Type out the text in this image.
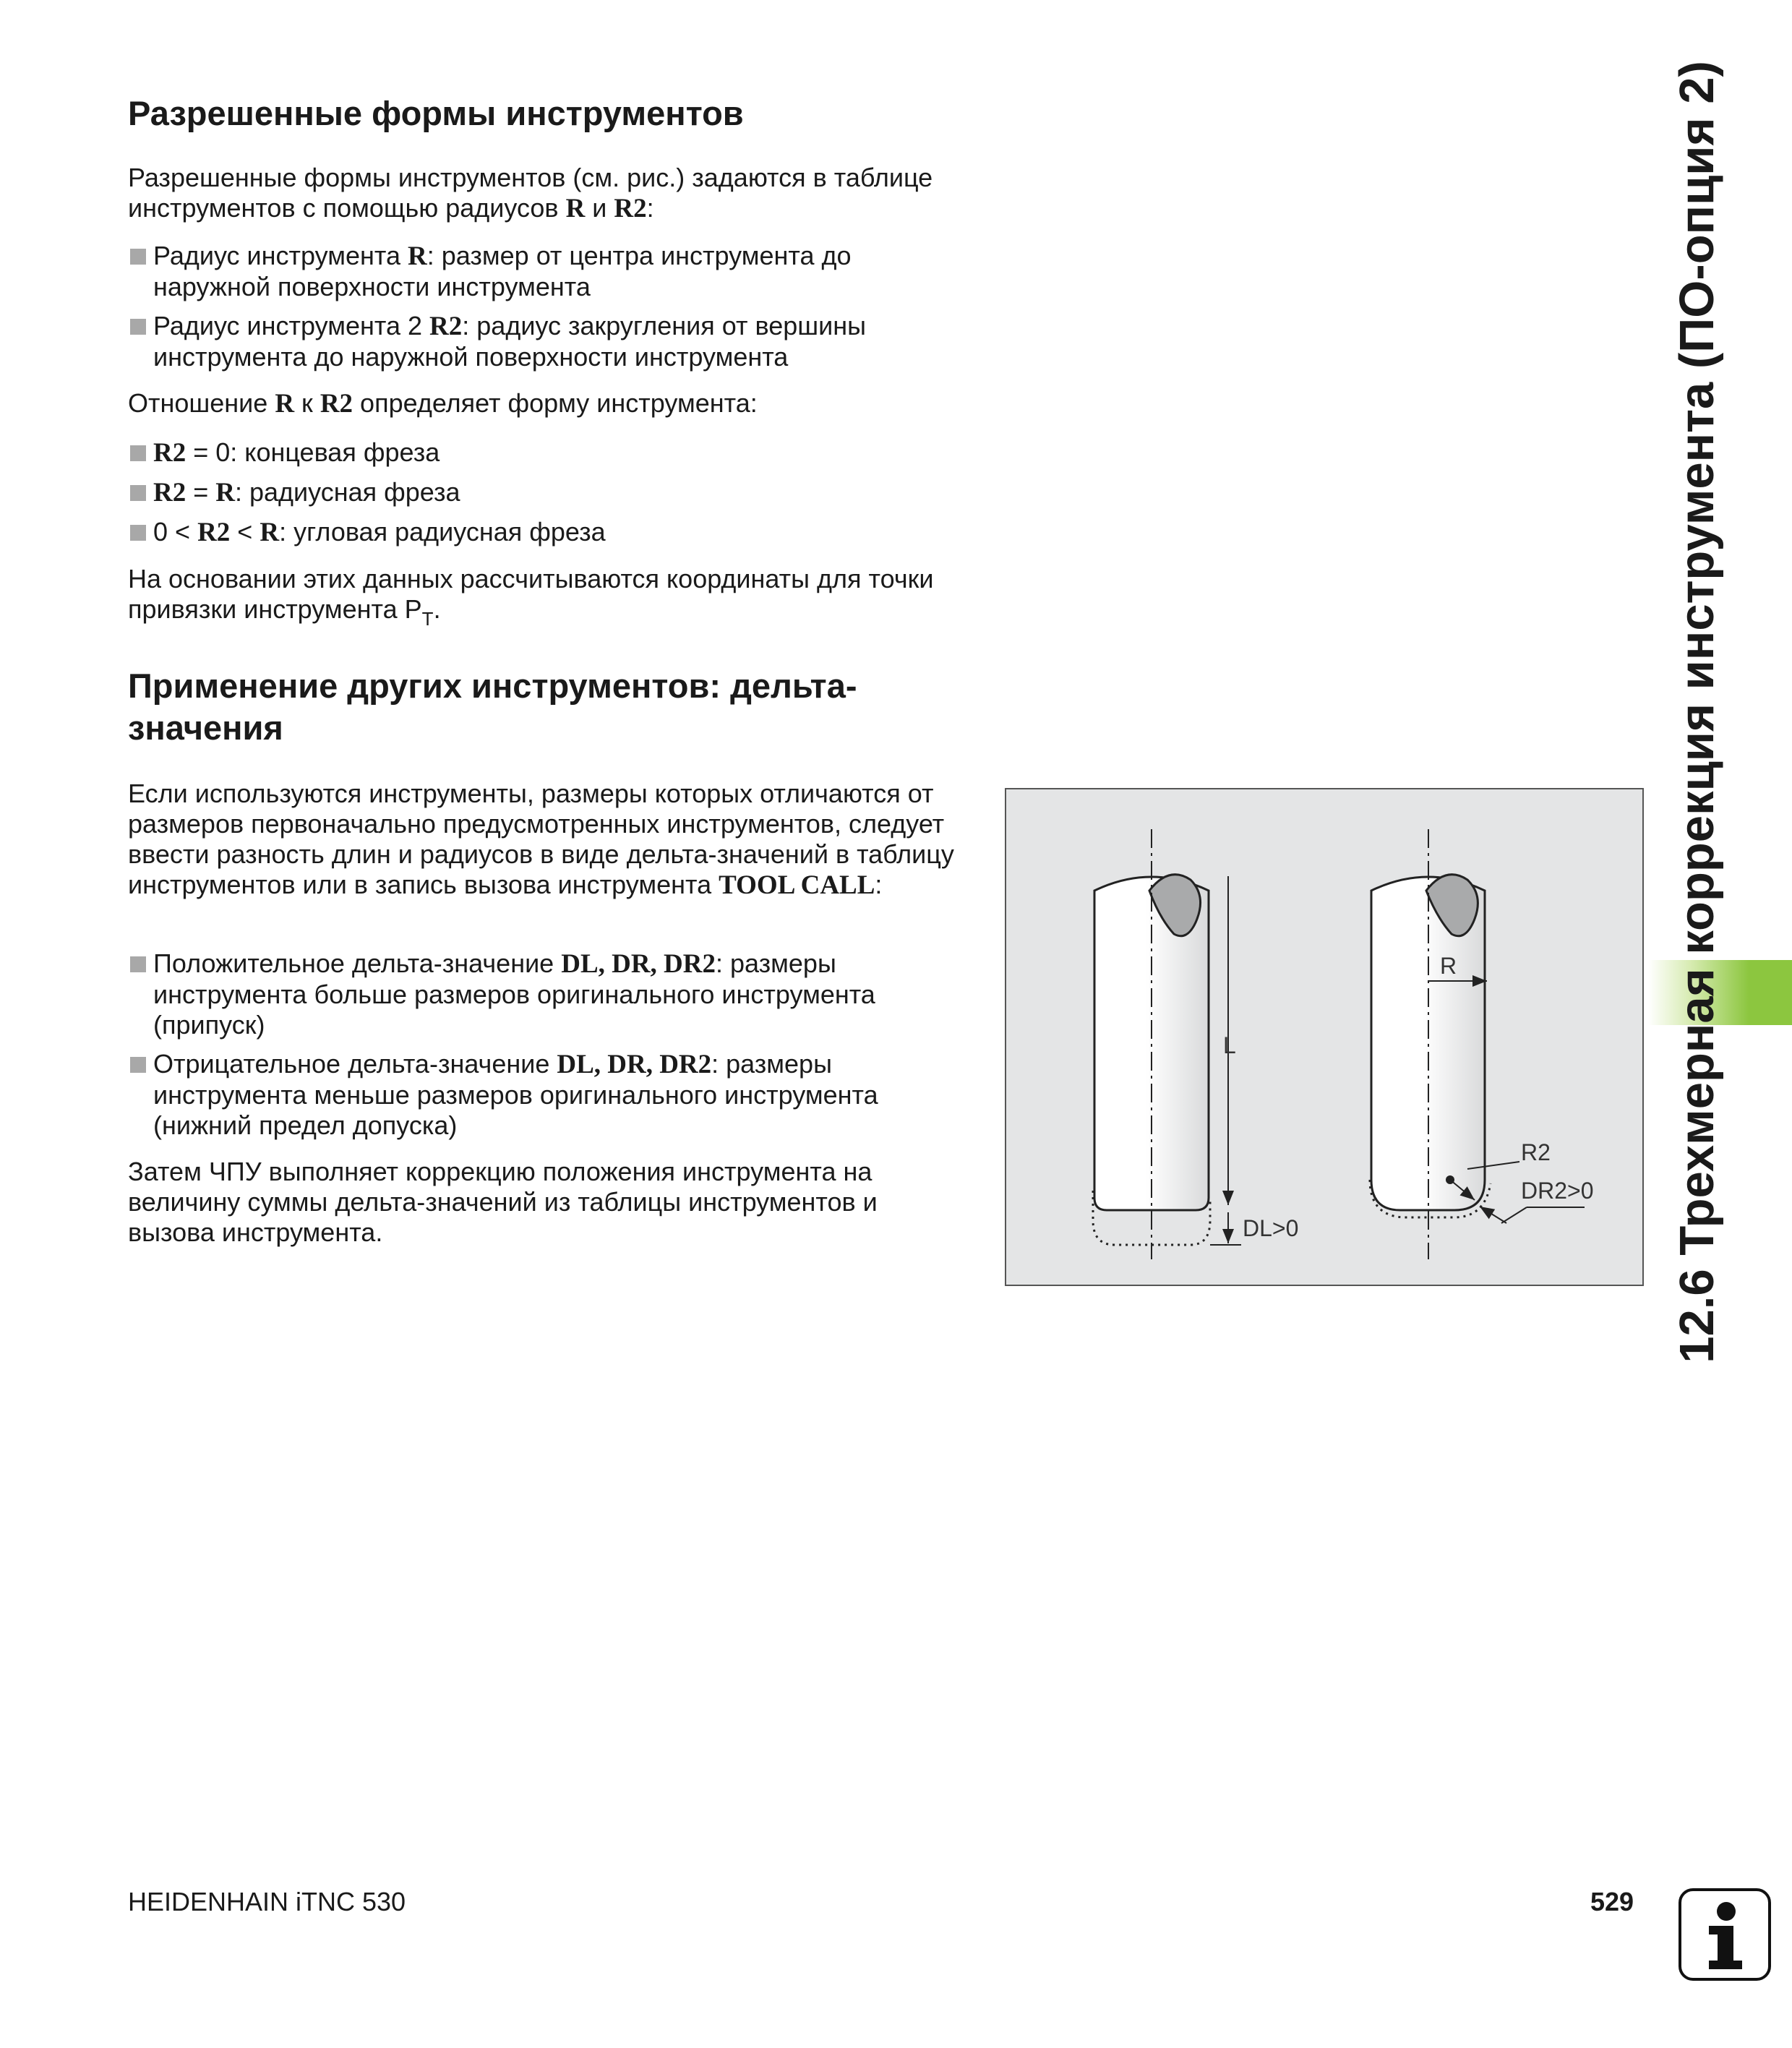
Разрешенные формы инструментов

Разрешенные формы инструментов (см. рис.) задаются в таблице инструментов с помощью радиусов R и R2:

Радиус инструмента R: размер от центра инструмента до наружной поверхности инструмента
Радиус инструмента 2 R2: радиус закругления от вершины инструмента до наружной поверхности инструмента

Отношение R к R2 определяет форму инструмента:

R2 = 0: концевая фреза
R2 = R: радиусная фреза
0 < R2 < R: угловая радиусная фреза

На основании этих данных рассчитываются координаты для точки привязки инструмента $P_T$.

Применение других инструментов: дельта-значения

Если используются инструменты, размеры которых отличаются от размеров первоначально предусмотренных инструментов, следует ввести разность длин и радиусов в виде дельта-значений в таблицу инструментов или в запись вызова инструмента TOOL CALL:

Положительное дельта-значение DL, DR, DR2: размеры инструмента больше размеров оригинального инструмента (припуск)
Отрицательное дельта-значение DL, DR, DR2: размеры инструмента меньше размеров оригинального инструмента (нижний предел допуска)

Затем ЧПУ выполняет коррекцию положения инструмента на величину суммы дельта-значений из таблицы инструментов и вызова инструмента.

L
DL>0
R
R2
DR2>0 12.6 Трехмерная коррекция инструмента (ПО-опция 2)
HEIDENHAIN iTNC 530	529
